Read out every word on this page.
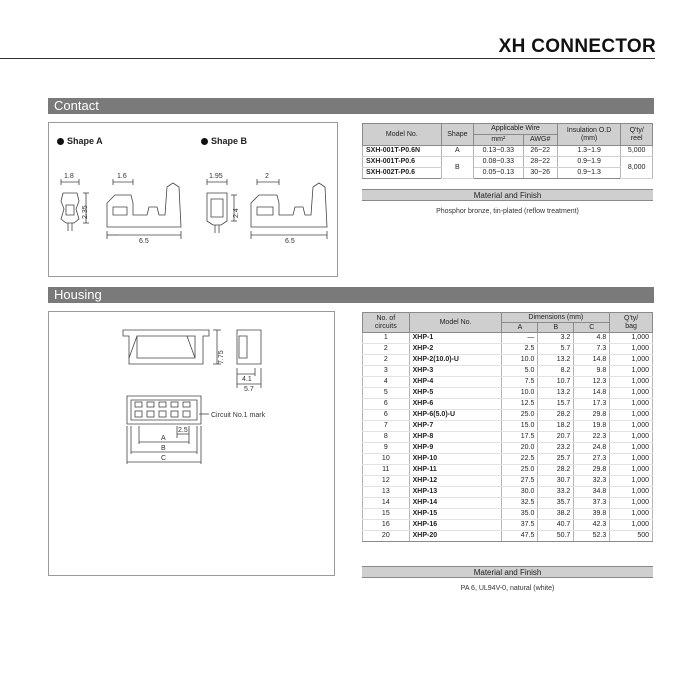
XH CONNECTOR
Contact
Shape A	Shape B
1.8
2.35
1.6
6.5
1.95
2.4
2
6.5
Model No.	Shape	Applicable Wire		Insulation O.D
(mm)	Q'ty/
reel
		mm²	AWG#		
SXH-001T-P0.6N	A	0.13~0.33	26~22	1.3~1.9	5,000
SXH-001T-P0.6	B	0.08~0.33	28~22	0.9~1.9	8,000
SXH-002T-P0.6		0.05~0.13	30~26	0.9~1.3	
Material and Finish
Phosphor bronze, tin-plated (reflow treatment)
Housing
7.75
4.1
5.7
Circuit No.1 mark
2.5
A
B
C
No. of
circuits	Model No.	Dimensions (mm)			Q'ty/
bag
		A	B	C	
1	XHP-1	—	3.2	4.8	1,000
2	XHP-2	2.5	5.7	7.3	1,000
2	XHP-2(10.0)-U	10.0	13.2	14.8	1,000
3	XHP-3	5.0	8.2	9.8	1,000
4	XHP-4	7.5	10.7	12.3	1,000
5	XHP-5	10.0	13.2	14.8	1,000
6	XHP-6	12.5	15.7	17.3	1,000
6	XHP-6(5.0)-U	25.0	28.2	29.8	1,000
7	XHP-7	15.0	18.2	19.8	1,000
8	XHP-8	17.5	20.7	22.3	1,000
9	XHP-9	20.0	23.2	24.8	1,000
10	XHP-10	22.5	25.7	27.3	1,000
11	XHP-11	25.0	28.2	29.8	1,000
12	XHP-12	27.5	30.7	32.3	1,000
13	XHP-13	30.0	33.2	34.8	1,000
14	XHP-14	32.5	35.7	37.3	1,000
15	XHP-15	35.0	38.2	39.8	1,000
16	XHP-16	37.5	40.7	42.3	1,000
20	XHP-20	47.5	50.7	52.3	500
Material and Finish
PA 6, UL94V-0, natural (white)
